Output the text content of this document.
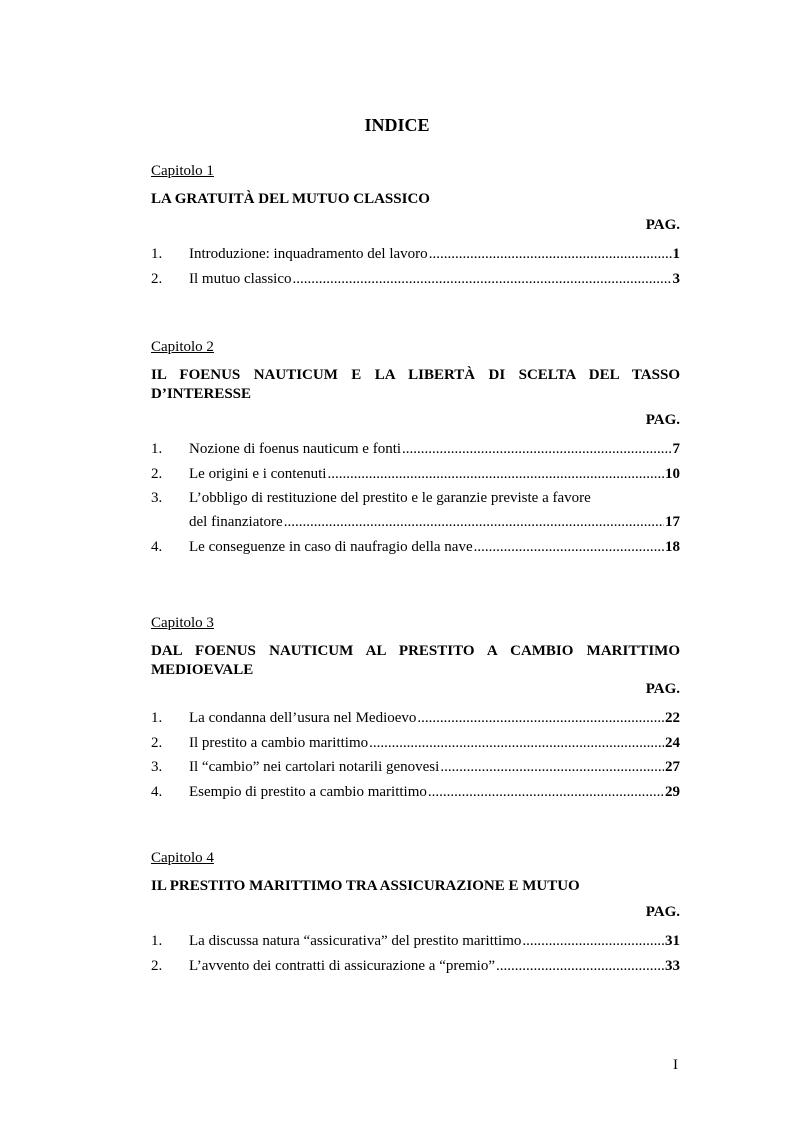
INDICE
Capitolo 1
LA GRATUITÀ DEL MUTUO CLASSICO
PAG.
1.	Introduzione: inquadramento del lavoro .....	1
2.	Il mutuo classico .....	3
Capitolo 2
IL FOENUS NAUTICUM E LA LIBERTÀ DI SCELTA DEL TASSO D’INTERESSE
PAG.
1.	Nozione di foenus nauticum e fonti .....	7
2.	Le origini e i contenuti .....	10
3.	L’obbligo di restituzione del prestito e le garanzie previste a favore
del finanziatore .....	17
4.	Le conseguenze in caso di naufragio della nave .....	18
Capitolo 3
DAL FOENUS NAUTICUM AL PRESTITO A CAMBIO MARITTIMO MEDIOEVALE
PAG.
1.	La condanna dell’usura nel Medioevo .....	22
2.	Il prestito a cambio marittimo .....	24
3.	Il “cambio” nei cartolari notarili genovesi .....	27
4.	Esempio di prestito a cambio marittimo .....	29
Capitolo 4
IL PRESTITO MARITTIMO TRA ASSICURAZIONE E MUTUO
PAG.
1.	La discussa natura “assicurativa” del prestito marittimo .....	31
2.	L’avvento dei contratti di assicurazione a “premio” .....	33
I
